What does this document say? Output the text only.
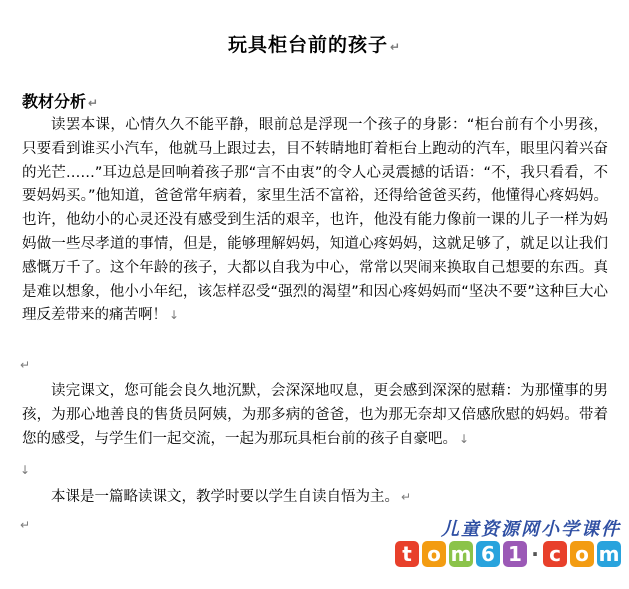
玩具柜台前的孩子 ↵
教材分析 ↵
读罢本课，心情久久不能平静，眼前总是浮现一个孩子的身影：“柜台前有个小男孩，只要看到谁买小汽车，他就马上跟过去，目不转睛地盯着柜台上跑动的汽车，眼里闪着兴奋的光芒……”耳边总是回响着孩子那“言不由衷”的令人心灵震撼的话语：“不，我只看看，不要妈妈买。”他知道，爸爸常年病着，家里生活不富裕，还得给爸爸买药，他懂得心疼妈妈。也许，他幼小的心灵还没有感受到生活的艰辛，也许，他没有能力像前一课的儿子一样为妈妈做一些尽孝道的事情，但是，能够理解妈妈，知道心疼妈妈，这就足够了，就足以让我们感慨万千了。这个年龄的孩子，大都以自我为中心，常常以哭闹来换取自己想要的东西。真是难以想象，他小小年纪，该怎样忍受“强烈的渴望”和因心疼妈妈而“坚决不要”这种巨大心理反差带来的痛苦啊！ ↓
↵
读完课文，您可能会良久地沉默，会深深地叹息，更会感到深深的慰藉：为那懂事的男孩，为那心地善良的售货员阿姨，为那多病的爸爸，也为那无奈却又倍感欣慰的妈妈。带着您的感受，与学生们一起交流，一起为那玩具柜台前的孩子自豪吧。 ↓
↓
本课是一篇略读课文，教学时要以学生自读自悟为主。 ↵
↵	儿童资源网小学课件
t o m 6 1 · c o m
